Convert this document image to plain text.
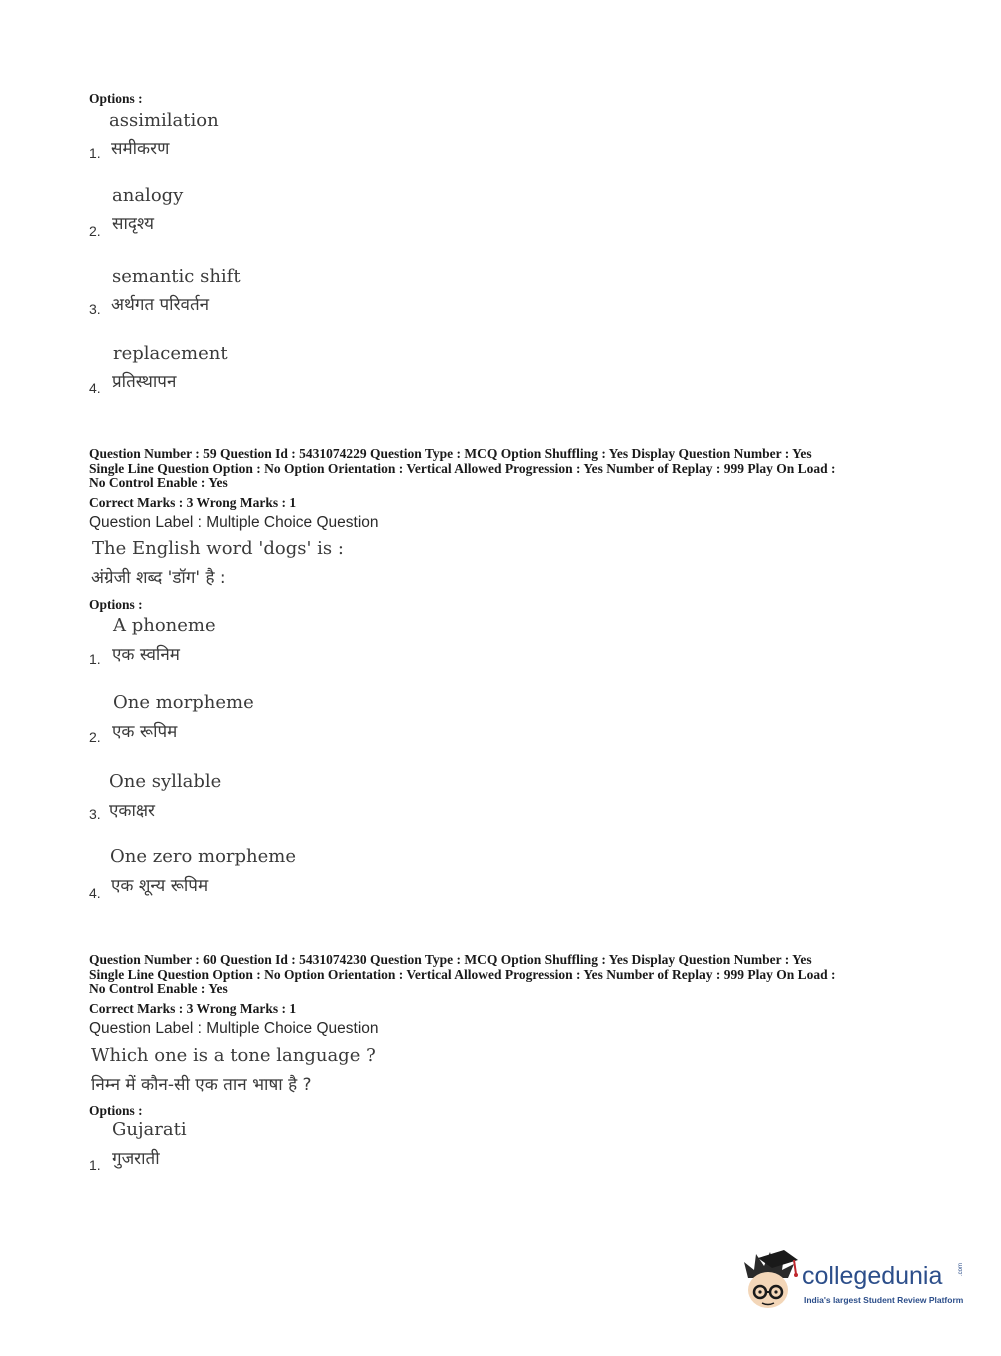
Options :
assimilation
समीकरण
1.
analogy
सादृश्य
2.
semantic shift
अर्थगत परिवर्तन
3.
replacement
प्रतिस्थापन
4.
Question Number : 59 Question Id : 5431074229 Question Type : MCQ Option Shuffling : Yes Display Question Number : Yes
Single Line Question Option : No Option Orientation : Vertical Allowed Progression : Yes Number of Replay : 999 Play On Load :
No Control Enable : Yes
Correct Marks : 3 Wrong Marks : 1
Question Label : Multiple Choice Question
The English word 'dogs' is :
अंग्रेजी शब्द 'डॉग' है :
Options :
A phoneme
एक स्वनिम
1.
One morpheme
एक रूपिम
2.
One syllable
एकाक्षर
3.
One zero morpheme
एक शून्य रूपिम
4.
Question Number : 60 Question Id : 5431074230 Question Type : MCQ Option Shuffling : Yes Display Question Number : Yes
Single Line Question Option : No Option Orientation : Vertical Allowed Progression : Yes Number of Replay : 999 Play On Load :
No Control Enable : Yes
Correct Marks : 3 Wrong Marks : 1
Question Label : Multiple Choice Question
Which one is a tone language ?
निम्न में कौन-सी एक तान भाषा है ?
Options :
Gujarati
गुजराती
1.
collegedunia	.com
India's largest Student Review Platform
